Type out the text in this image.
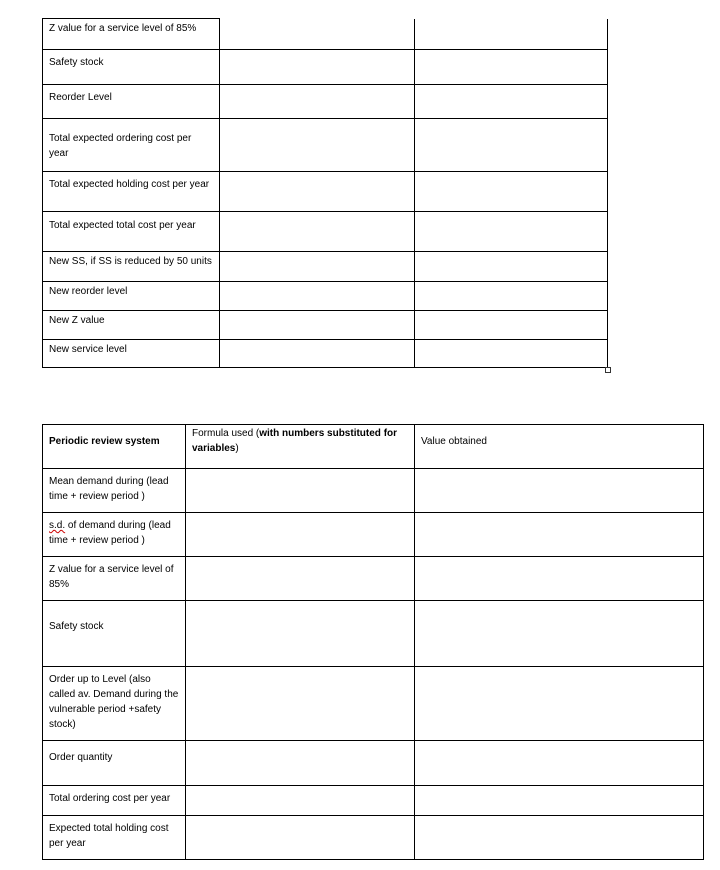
Z value for a service level of 85%		
Safety stock		
Reorder Level		
Total expected ordering cost per year		
Total expected holding cost per year		
Total expected total cost per year		
New SS, if SS is reduced by 50 units		
New reorder level		
New Z value		
New service level		
Periodic review system	Formula used (with numbers substituted for variables)	Value obtained
Mean demand during (lead time + review period )		
s.d. of demand during (lead time + review period )		
Z value for a service level of 85%		
Safety stock		
Order up to Level (also called av. Demand during the vulnerable period +safety stock)		
Order quantity		
Total ordering cost per year		
Expected total holding cost per year		
